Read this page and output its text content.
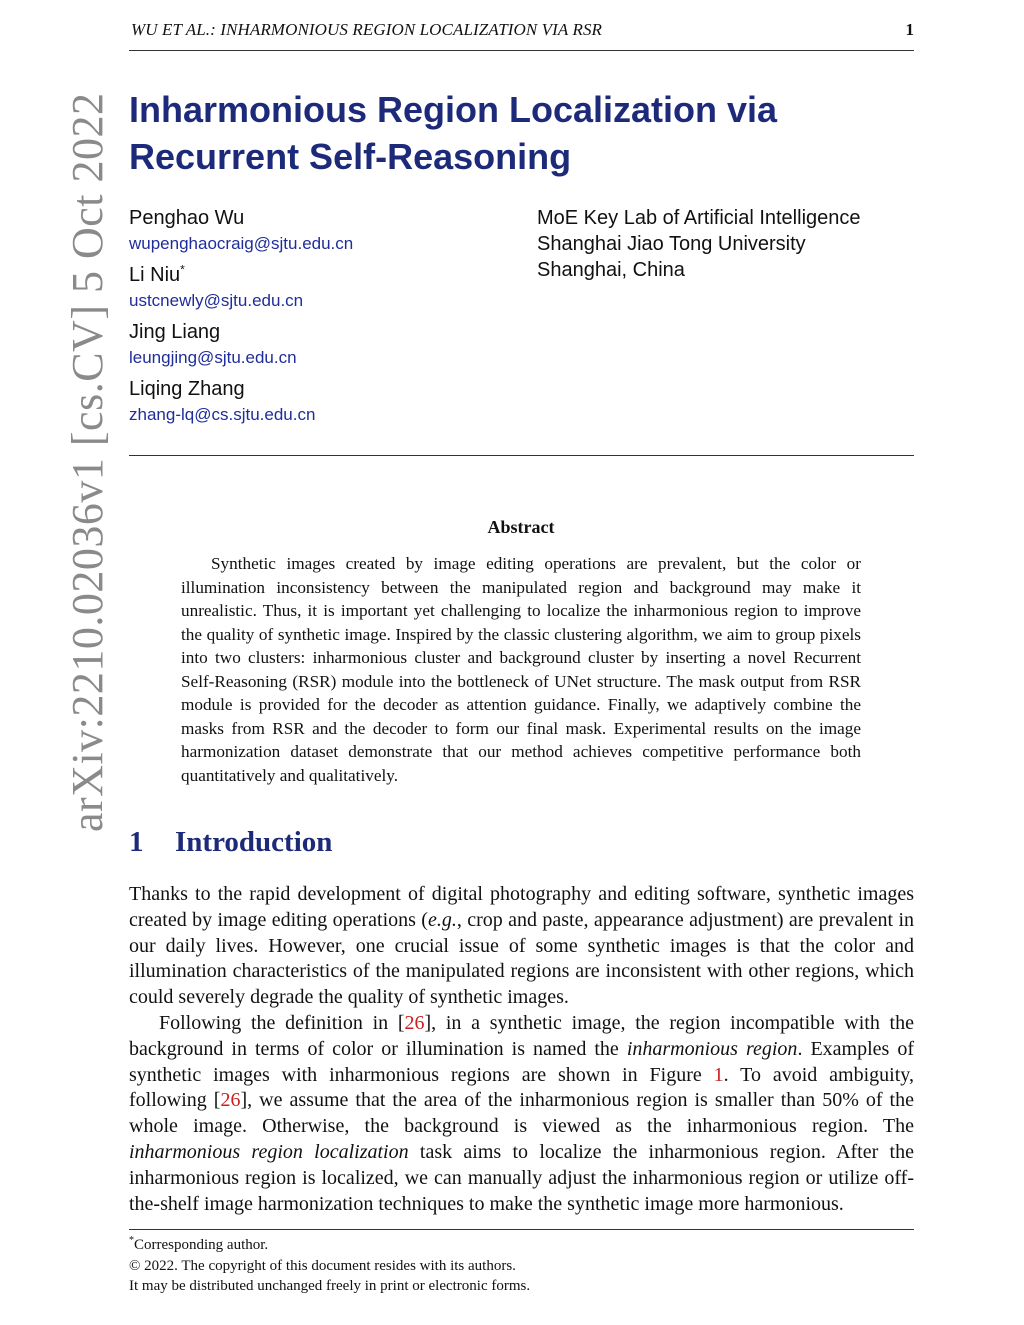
WU ET AL.: INHARMONIOUS REGION LOCALIZATION VIA RSR	1
arXiv:2210.02036v1 [cs.CV] 5 Oct 2022 Inharmonious Region Localization via
Recurrent Self-Reasoning
Penghao Wu
wupenghaocraig@sjtu.edu.cn
Li Niu*
ustcnewly@sjtu.edu.cn
Jing Liang
leungjing@sjtu.edu.cn
Liqing Zhang
zhang-lq@cs.sjtu.edu.cn
MoE Key Lab of Artificial Intelligence
Shanghai Jiao Tong University
Shanghai, China
Abstract

Synthetic images created by image editing operations are prevalent, but the color or illumination inconsistency between the manipulated region and background may make it unrealistic. Thus, it is important yet challenging to localize the inharmonious region to improve the quality of synthetic image. Inspired by the classic clustering algorithm, we aim to group pixels into two clusters: inharmonious cluster and background cluster by inserting a novel Recurrent Self-Reasoning (RSR) module into the bottleneck of UNet structure. The mask output from RSR module is provided for the decoder as attention guidance. Finally, we adaptively combine the masks from RSR and the decoder to form our final mask. Experimental results on the image harmonization dataset demonstrate that our method achieves competitive performance both quantitatively and qualitatively.

1 Introduction

Thanks to the rapid development of digital photography and editing software, synthetic images created by image editing operations (e.g., crop and paste, appearance adjustment) are prevalent in our daily lives. However, one crucial issue of some synthetic images is that the color and illumination characteristics of the manipulated regions are inconsistent with other regions, which could severely degrade the quality of synthetic images.

Following the definition in [26], in a synthetic image, the region incompatible with the background in terms of color or illumination is named the inharmonious region. Examples of synthetic images with inharmonious regions are shown in Figure 1. To avoid ambiguity, following [26], we assume that the area of the inharmonious region is smaller than 50% of the whole image. Otherwise, the background is viewed as the inharmonious region. The inharmonious region localization task aims to localize the inharmonious region. After the inharmonious region is localized, we can manually adjust the inharmonious region or utilize off-the-shelf image harmonization techniques to make the synthetic image more harmonious.

*Corresponding author.
© 2022. The copyright of this document resides with its authors.
It may be distributed unchanged freely in print or electronic forms.
